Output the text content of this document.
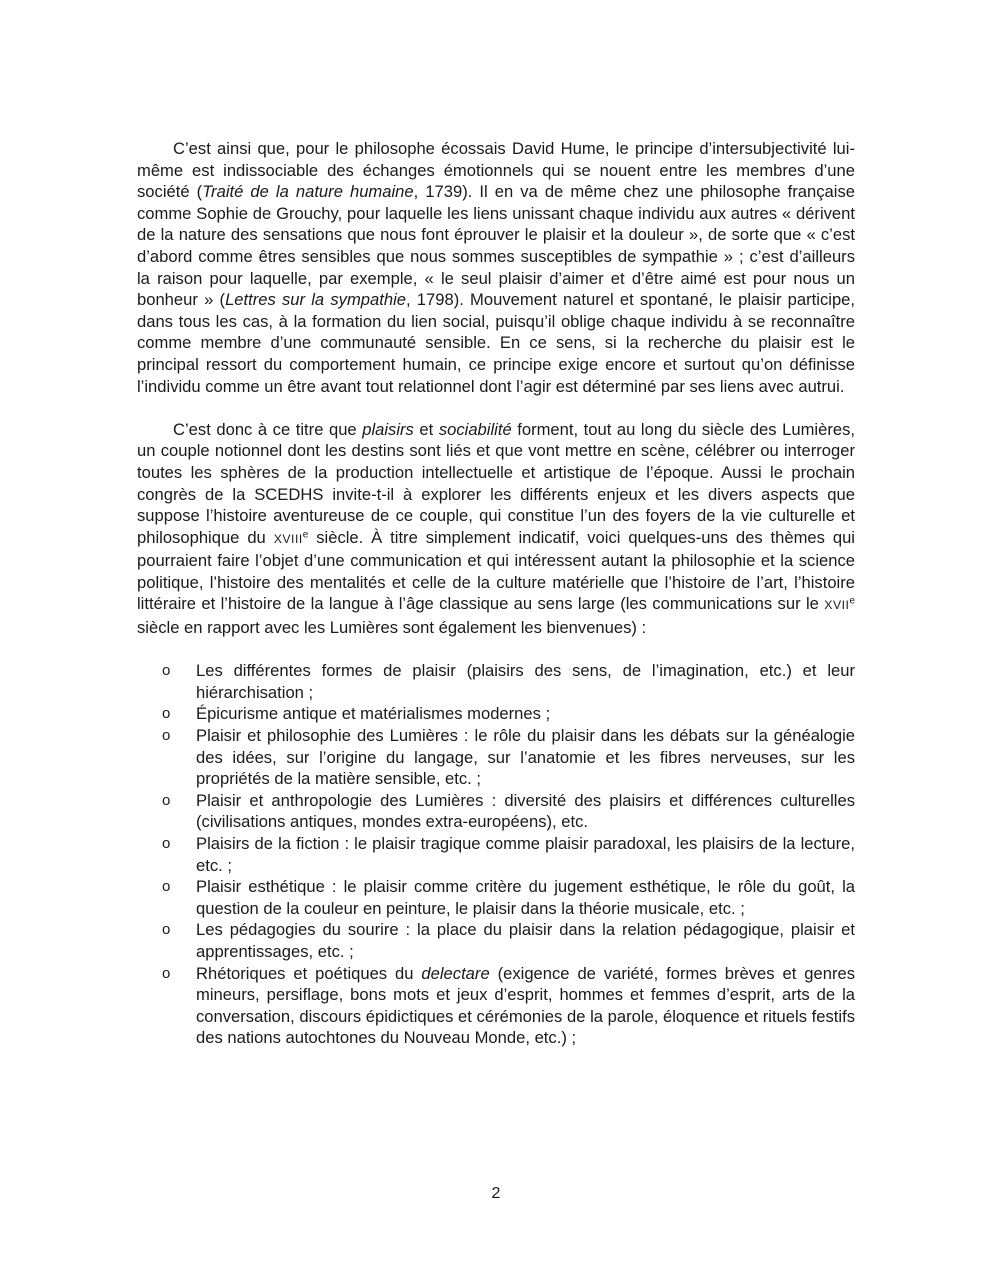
C’est ainsi que, pour le philosophe écossais David Hume, le principe d’intersubjectivité lui-même est indissociable des échanges émotionnels qui se nouent entre les membres d’une société (Traité de la nature humaine, 1739). Il en va de même chez une philosophe française comme Sophie de Grouchy, pour laquelle les liens unissant chaque individu aux autres « dérivent de la nature des sensations que nous font éprouver le plaisir et la douleur », de sorte que « c’est d’abord comme êtres sensibles que nous sommes susceptibles de sympathie » ; c’est d’ailleurs la raison pour laquelle, par exemple, « le seul plaisir d’aimer et d’être aimé est pour nous un bonheur » (Lettres sur la sympathie, 1798). Mouvement naturel et spontané, le plaisir participe, dans tous les cas, à la formation du lien social, puisqu’il oblige chaque individu à se reconnaître comme membre d’une communauté sensible. En ce sens, si la recherche du plaisir est le principal ressort du comportement humain, ce principe exige encore et surtout qu’on définisse l’individu comme un être avant tout relationnel dont l’agir est déterminé par ses liens avec autrui.

C’est donc à ce titre que plaisirs et sociabilité forment, tout au long du siècle des Lumières, un couple notionnel dont les destins sont liés et que vont mettre en scène, célébrer ou interroger toutes les sphères de la production intellectuelle et artistique de l’époque. Aussi le prochain congrès de la SCEDHS invite-t-il à explorer les différents enjeux et les divers aspects que suppose l’histoire aventureuse de ce couple, qui constitue l’un des foyers de la vie culturelle et philosophique du XVIIIe siècle. À titre simplement indicatif, voici quelques-uns des thèmes qui pourraient faire l’objet d’une communication et qui intéressent autant la philosophie et la science politique, l’histoire des mentalités et celle de la culture matérielle que l’histoire de l’art, l’histoire littéraire et l’histoire de la langue à l’âge classique au sens large (les communications sur le XVIIe siècle en rapport avec les Lumières sont également les bienvenues) :

o Les différentes formes de plaisir (plaisirs des sens, de l’imagination, etc.) et leur hiérarchisation ;
o Épicurisme antique et matérialismes modernes ;
o Plaisir et philosophie des Lumières : le rôle du plaisir dans les débats sur la généalogie des idées, sur l’origine du langage, sur l’anatomie et les fibres nerveuses, sur les propriétés de la matière sensible, etc. ;
o Plaisir et anthropologie des Lumières : diversité des plaisirs et différences culturelles (civilisations antiques, mondes extra-européens), etc.
o Plaisirs de la fiction : le plaisir tragique comme plaisir paradoxal, les plaisirs de la lecture, etc. ;
o Plaisir esthétique : le plaisir comme critère du jugement esthétique, le rôle du goût, la question de la couleur en peinture, le plaisir dans la théorie musicale, etc. ;
o Les pédagogies du sourire : la place du plaisir dans la relation pédagogique, plaisir et apprentissages, etc. ;
o Rhétoriques et poétiques du delectare (exigence de variété, formes brèves et genres mineurs, persiflage, bons mots et jeux d’esprit, hommes et femmes d’esprit, arts de la conversation, discours épidictiques et cérémonies de la parole, éloquence et rituels festifs des nations autochtones du Nouveau Monde, etc.) ;
2
